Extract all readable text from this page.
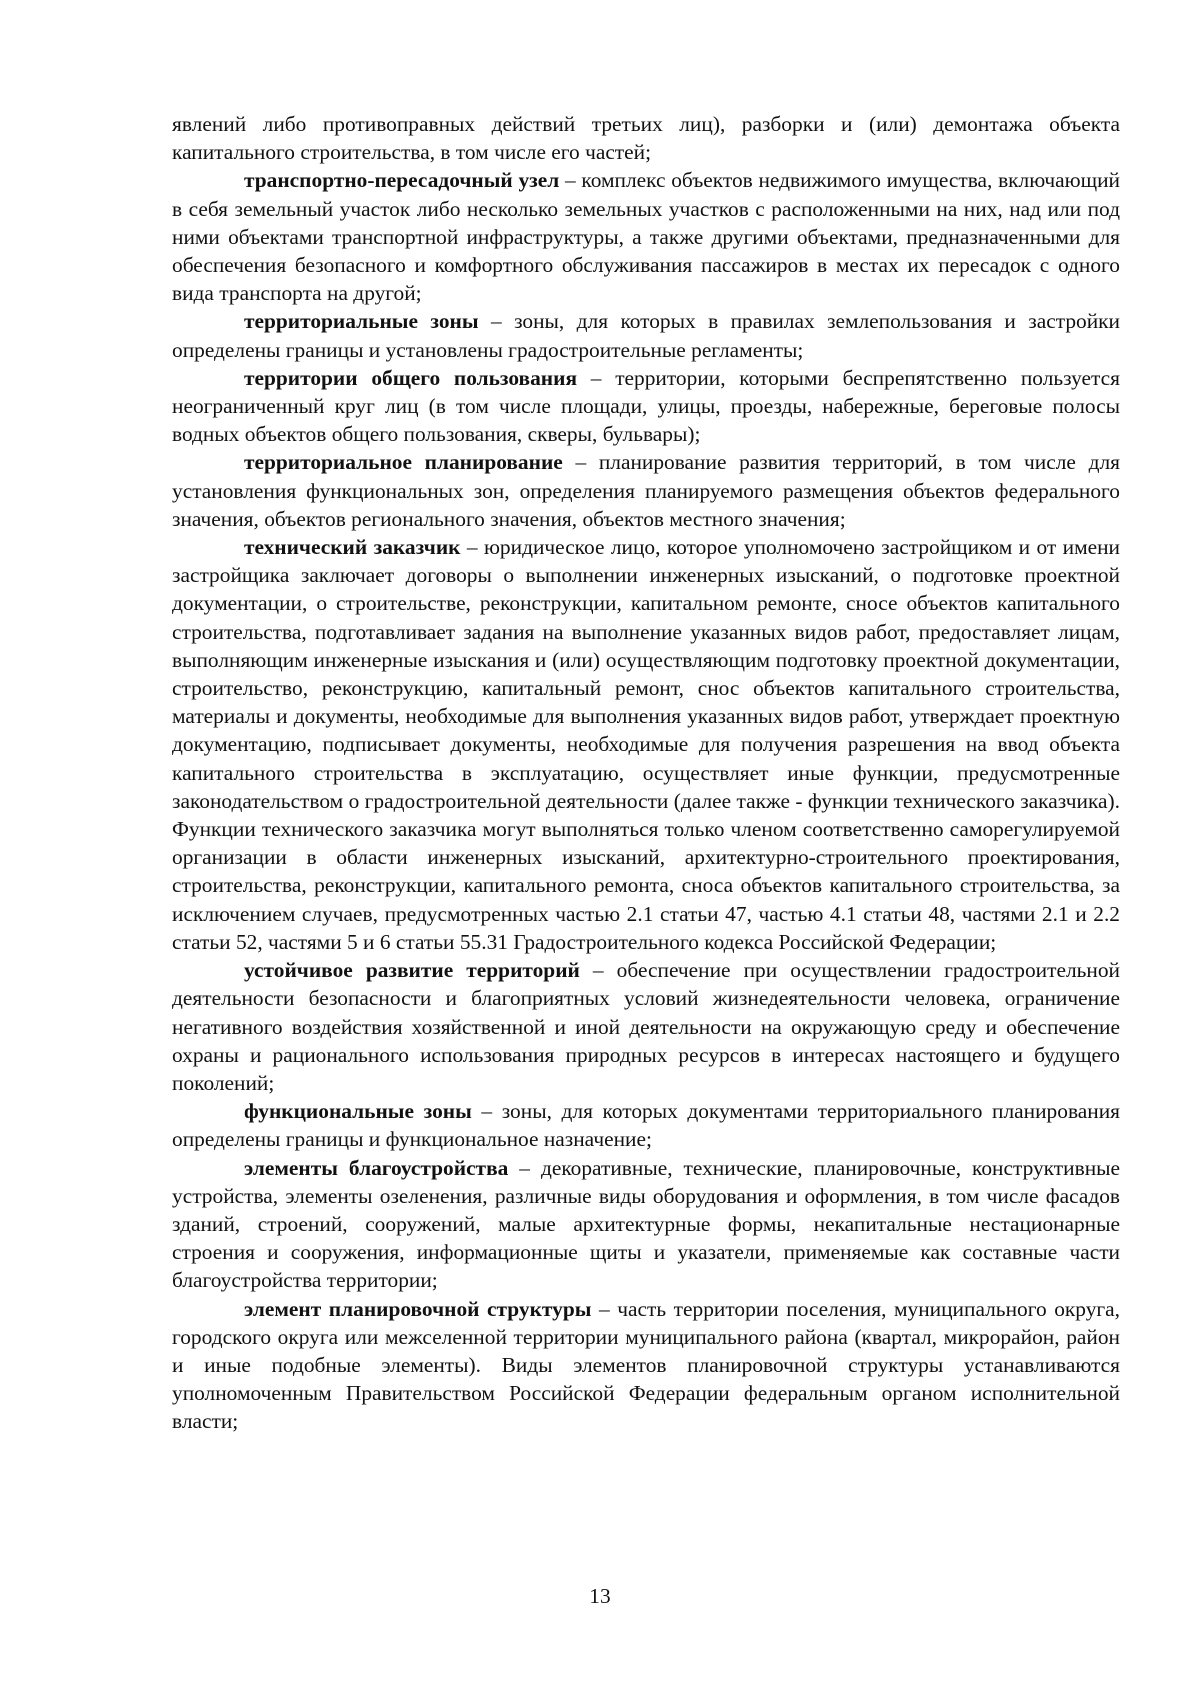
явлений либо противоправных действий третьих лиц), разборки и (или) демонтажа объекта капитального строительства, в том числе его частей;

транспортно-пересадочный узел – комплекс объектов недвижимого имущества, включающий в себя земельный участок либо несколько земельных участков с расположенными на них, над или под ними объектами транспортной инфраструктуры, а также другими объектами, предназначенными для обеспечения безопасного и комфортного обслуживания пассажиров в местах их пересадок с одного вида транспорта на другой;

территориальные зоны – зоны, для которых в правилах землепользования и застройки определены границы и установлены градостроительные регламенты;

территории общего пользования – территории, которыми беспрепятственно пользуется неограниченный круг лиц (в том числе площади, улицы, проезды, набережные, береговые полосы водных объектов общего пользования, скверы, бульвары);

территориальное планирование – планирование развития территорий, в том числе для установления функциональных зон, определения планируемого размещения объектов федерального значения, объектов регионального значения, объектов местного значения;

технический заказчик – юридическое лицо, которое уполномочено застройщиком и от имени застройщика заключает договоры о выполнении инженерных изысканий, о подготовке проектной документации, о строительстве, реконструкции, капитальном ремонте, сносе объектов капитального строительства, подготавливает задания на выполнение указанных видов работ, предоставляет лицам, выполняющим инженерные изыскания и (или) осуществляющим подготовку проектной документации, строительство, реконструкцию, капитальный ремонт, снос объектов капитального строительства, материалы и документы, необходимые для выполнения указанных видов работ, утверждает проектную документацию, подписывает документы, необходимые для получения разрешения на ввод объекта капитального строительства в эксплуатацию, осуществляет иные функции, предусмотренные законодательством о градостроительной деятельности (далее также - функции технического заказчика). Функции технического заказчика могут выполняться только членом соответственно саморегулируемой организации в области инженерных изысканий, архитектурно-строительного проектирования, строительства, реконструкции, капитального ремонта, сноса объектов капитального строительства, за исключением случаев, предусмотренных частью 2.1 статьи 47, частью 4.1 статьи 48, частями 2.1 и 2.2 статьи 52, частями 5 и 6 статьи 55.31 Градостроительного кодекса Российской Федерации;

устойчивое развитие территорий – обеспечение при осуществлении градостроительной деятельности безопасности и благоприятных условий жизнедеятельности человека, ограничение негативного воздействия хозяйственной и иной деятельности на окружающую среду и обеспечение охраны и рационального использования природных ресурсов в интересах настоящего и будущего поколений;

функциональные зоны – зоны, для которых документами территориального планирования определены границы и функциональное назначение;

элементы благоустройства – декоративные, технические, планировочные, конструктивные устройства, элементы озеленения, различные виды оборудования и оформления, в том числе фасадов зданий, строений, сооружений, малые архитектурные формы, некапитальные нестационарные строения и сооружения, информационные щиты и указатели, применяемые как составные части благоустройства территории;

элемент планировочной структуры – часть территории поселения, муниципального округа, городского округа или межселенной территории муниципального района (квартал, микрорайон, район и иные подобные элементы). Виды элементов планировочной структуры устанавливаются уполномоченным Правительством Российской Федерации федеральным органом исполнительной власти;

13
